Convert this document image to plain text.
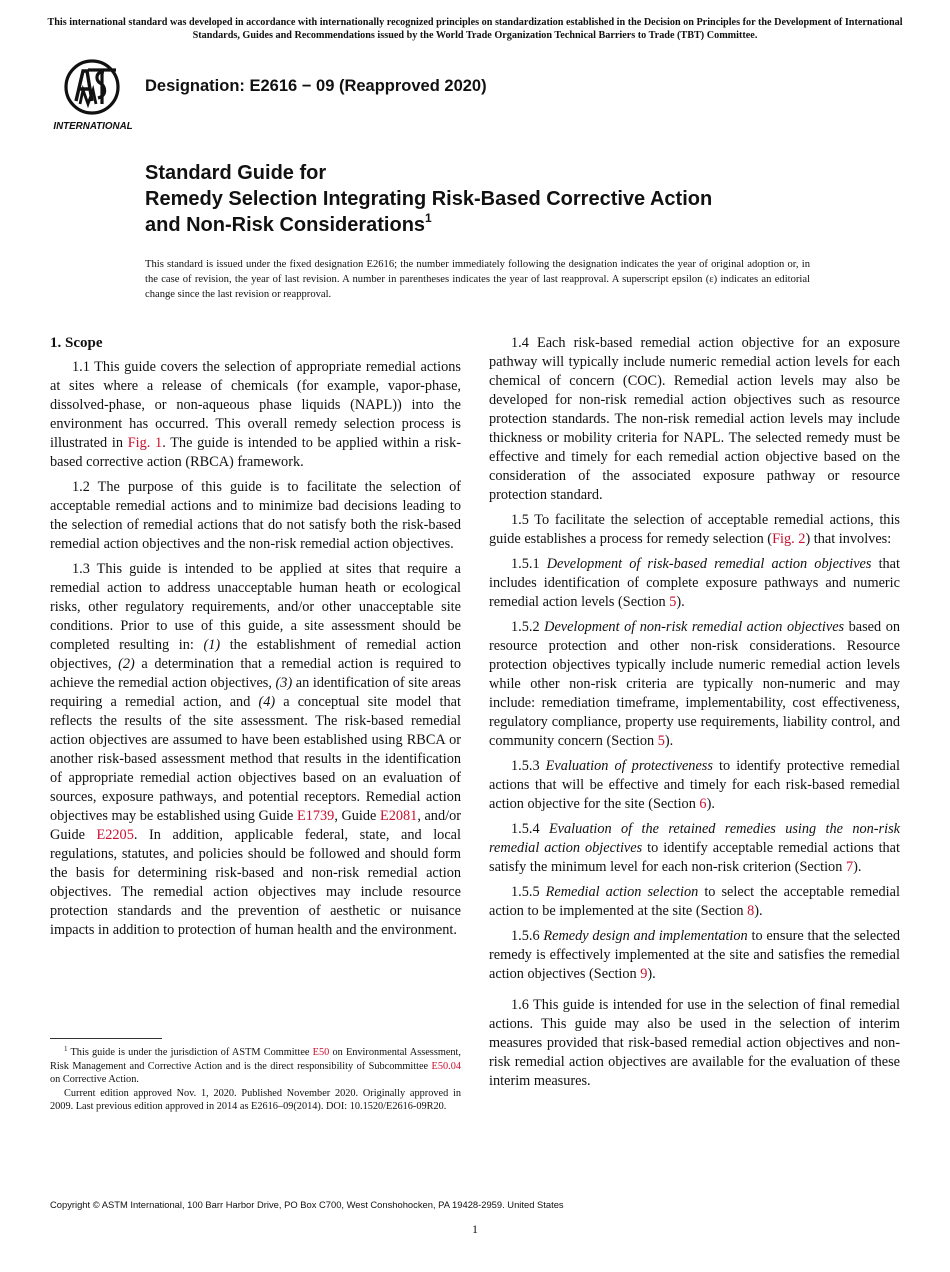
This international standard was developed in accordance with internationally recognized principles on standardization established in the Decision on Principles for the Development of International Standards, Guides and Recommendations issued by the World Trade Organization Technical Barriers to Trade (TBT) Committee.
INTERNATIONAL
Designation: E2616 − 09 (Reapproved 2020)
Standard Guide for
Remedy Selection Integrating Risk-Based Corrective Action
and Non-Risk Considerations$^1$
This standard is issued under the fixed designation E2616; the number immediately following the designation indicates the year of original adoption or, in the case of revision, the year of last revision. A number in parentheses indicates the year of last reapproval. A superscript epsilon (ε) indicates an editorial change since the last revision or reapproval.
1. Scope

1.1 This guide covers the selection of appropriate remedial actions at sites where a release of chemicals (for example, vapor-phase, dissolved-phase, or non-aqueous phase liquids (NAPL)) into the environment has occurred. This overall remedy selection process is illustrated in Fig. 1. The guide is intended to be applied within a risk-based corrective action (RBCA) framework.

1.2 The purpose of this guide is to facilitate the selection of acceptable remedial actions and to minimize bad decisions leading to the selection of remedial actions that do not satisfy both the risk-based remedial action objectives and the non-risk remedial action objectives.

1.3 This guide is intended to be applied at sites that require a remedial action to address unacceptable human heath or ecological risks, other regulatory requirements, and/or other unacceptable site conditions. Prior to use of this guide, a site assessment should be completed resulting in: (1) the establishment of remedial action objectives, (2) a determination that a remedial action is required to achieve the remedial action objectives, (3) an identification of site areas requiring a remedial action, and (4) a conceptual site model that reflects the results of the site assessment. The risk-based remedial action objectives are assumed to have been established using RBCA or another risk-based assessment method that results in the identification of appropriate remedial action objectives based on an evaluation of sources, exposure pathways, and potential receptors. Remedial action objectives may be established using Guide E1739, Guide E2081, and/or Guide E2205. In addition, applicable federal, state, and local regulations, statutes, and policies should be followed and should form the basis for determining risk-based and non-risk remedial action objectives. The remedial action objectives may include resource protection standards and the prevention of aesthetic or nuisance impacts in addition to protection of human health and the environment.

$^1$ This guide is under the jurisdiction of ASTM Committee E50 on Environmental Assessment, Risk Management and Corrective Action and is the direct responsibility of Subcommittee E50.04 on Corrective Action.

Current edition approved Nov. 1, 2020. Published November 2020. Originally approved in 2009. Last previous edition approved in 2014 as E2616–09(2014). DOI: 10.1520/E2616-09R20.

1.4 Each risk-based remedial action objective for an exposure pathway will typically include numeric remedial action levels for each chemical of concern (COC). Remedial action levels may also be developed for non-risk remedial action objectives such as resource protection standards. The non-risk remedial action levels may include thickness or mobility criteria for NAPL. The selected remedy must be effective and timely for each remedial action objective based on the consideration of the associated exposure pathway or resource protection standard.

1.5 To facilitate the selection of acceptable remedial actions, this guide establishes a process for remedy selection (Fig. 2) that involves:

1.5.1 Development of risk-based remedial action objectives that includes identification of complete exposure pathways and numeric remedial action levels (Section 5).

1.5.2 Development of non-risk remedial action objectives based on resource protection and other non-risk considerations. Resource protection objectives typically include numeric remedial action levels while other non-risk criteria are typically non-numeric and may include: remediation timeframe, implementability, cost effectiveness, regulatory compliance, property use requirements, liability control, and community concern (Section 5).

1.5.3 Evaluation of protectiveness to identify protective remedial actions that will be effective and timely for each risk-based remedial action objective for the site (Section 6).

1.5.4 Evaluation of the retained remedies using the non-risk remedial action objectives to identify acceptable remedial actions that satisfy the minimum level for each non-risk criterion (Section 7).

1.5.5 Remedial action selection to select the acceptable remedial action to be implemented at the site (Section 8).

1.5.6 Remedy design and implementation to ensure that the selected remedy is effectively implemented at the site and satisfies the remedial action objectives (Section 9).

1.6 This guide is intended for use in the selection of final remedial actions. This guide may also be used in the selection of interim measures provided that risk-based remedial action objectives and non-risk remedial action objectives are available for the evaluation of these interim measures.

Copyright © ASTM International, 100 Barr Harbor Drive, PO Box C700, West Conshohocken, PA 19428-2959. United States
1
